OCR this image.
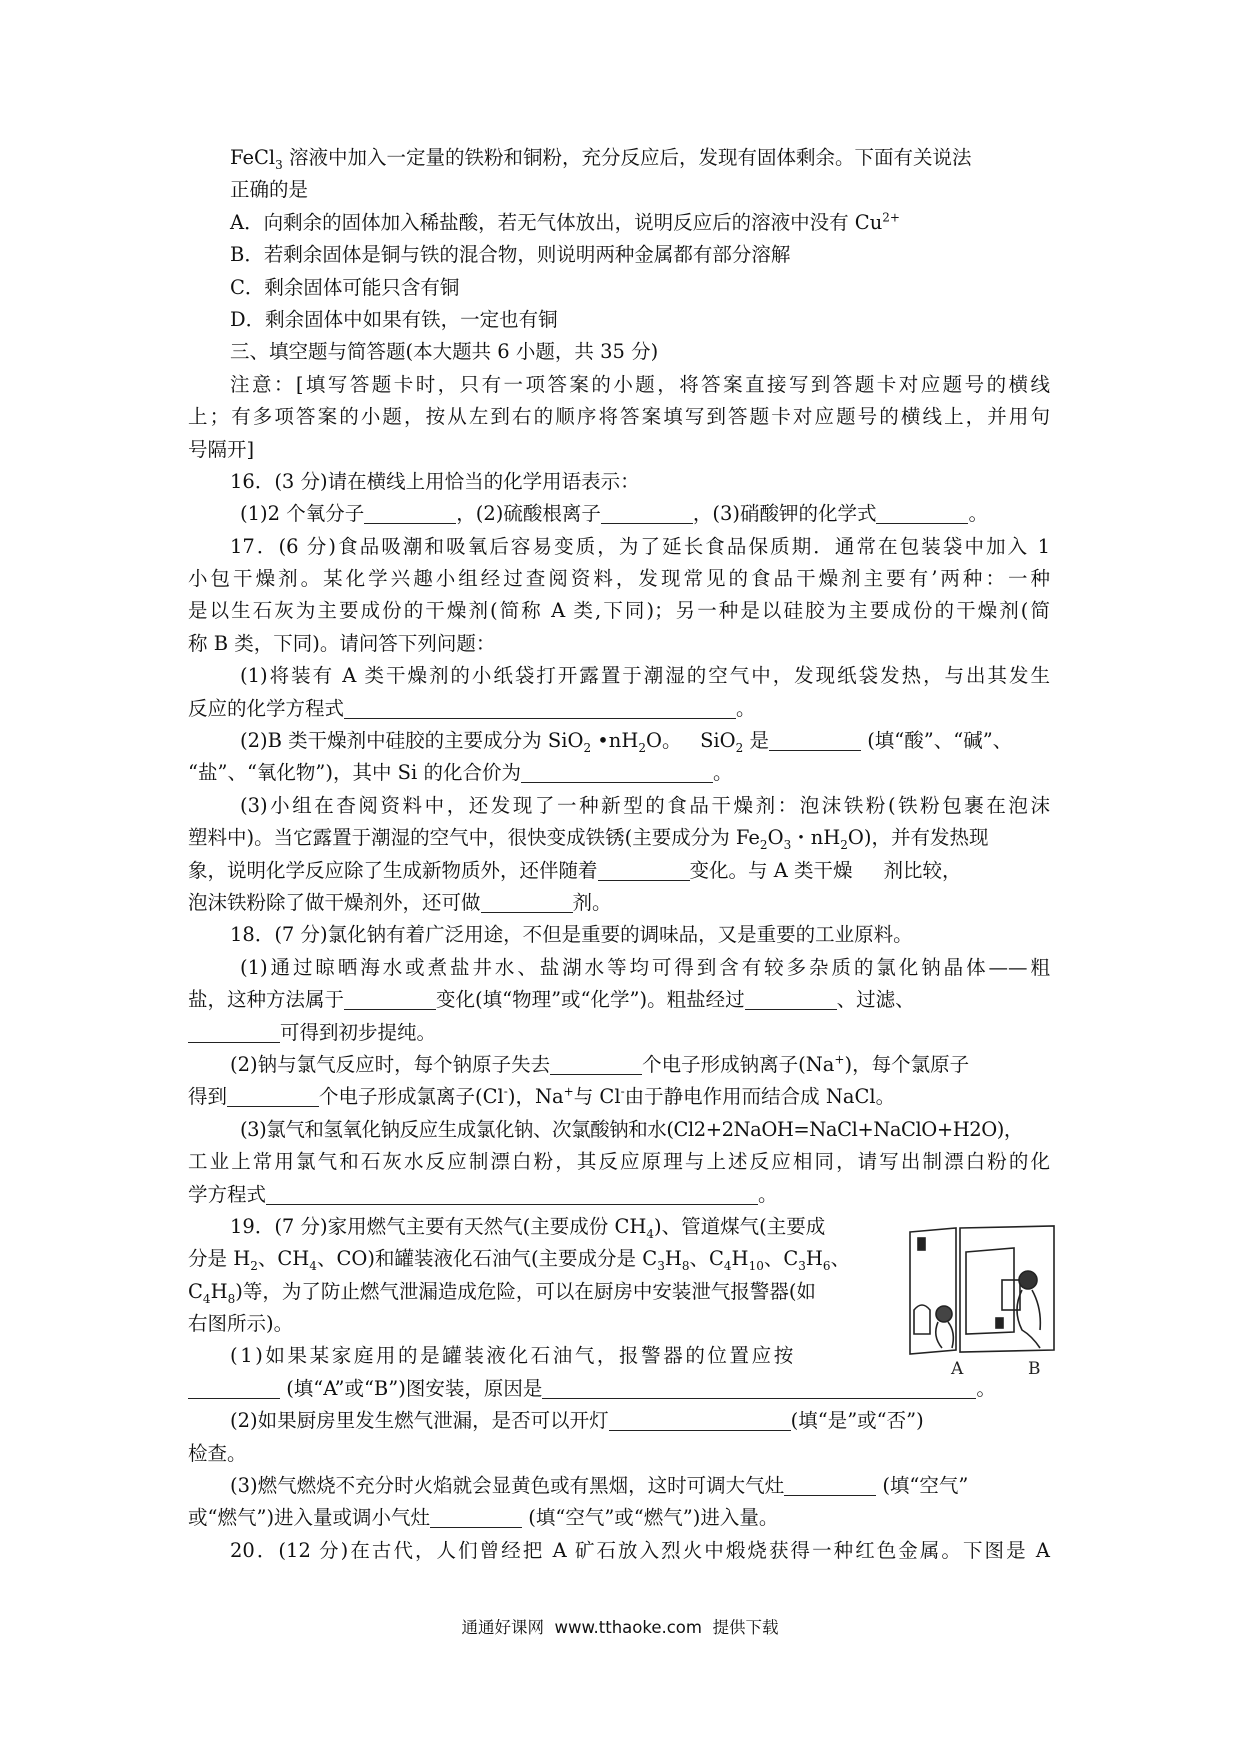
FeCl$_3$ 溶液中加入一定量的铁粉和铜粉，充分反应后，发现有固体剩余。下面有关说法
正确的是
A．向剩余的固体加入稀盐酸，若无气体放出，说明反应后的溶液中没有 $Cu^{2+}$
B．若剩余固体是铜与铁的混合物，则说明两种金属都有部分溶解
C．剩余固体可能只含有铜
D．剩余固体中如果有铁，一定也有铜
三、填空题与简答题(本大题共 6 小题，共 35 分)
注意：[填写答题卡时，只有一项答案的小题，将答案直接写到答题卡对应题号的横线
上；有多项答案的小题，按从左到右的顺序将答案填写到答题卡对应题号的横线上，并用句
号隔开]
16．(3 分)请在横线上用恰当的化学用语表示：
(1)2 个氧分子	，(2)硫酸根离子	，(3)硝酸钾的化学式	。
17．(6 分)食品吸潮和吸氧后容易变质，为了延长食品保质期．通常在包装袋中加入 1
小包干燥剂。某化学兴趣小组经过查阅资料，发现常见的食品干燥剂主要有’两种：一种
是以生石灰为主要成份的干燥剂(简称 A 类,下同)；另一种是以硅胶为主要成份的干燥剂(简
称 B 类，下同)。请问答下列问题：
(1)将装有 A 类干燥剂的小纸袋打开露置于潮湿的空气中，发现纸袋发热，与出其发生
反应的化学方程式	。
(2)B 类干燥剂中硅胶的主要成分为 SiO$_2$ $•nH_2O$。   SiO$_2$ 是	(填“酸”、“碱”、
“盐”、“氧化物”)，其中 Si 的化合价为	。
(3)小组在杳阅资料中，还发现了一种新型的食品干燥剂：泡沫铁粉(铁粉包裹在泡沫
塑料中)。当它露置于潮湿的空气中，很快变成铁锈(主要成分为 $Fe_2O_3$・$nH_2O$)，并有发热现
象，说明化学反应除了生成新物质外，还伴随着	变化。与 A 类干燥     剂比较，
泡沫铁粉除了做干燥剂外，还可做	剂。
18．(7 分)氯化钠有着广泛用途，不但是重要的调味品，又是重要的工业原料。
(1)通过晾晒海水或煮盐井水、盐湖水等均可得到含有较多杂质的氯化钠晶体——粗
盐，这种方法属于	变化(填“物理”或“化学”)。粗盐经过	、过滤、
可得到初步提纯。
(2)钠与氯气反应时，每个钠原子失去	个电子形成钠离子(Na+)，每个氯原子
得到	个电子形成氯离子(Cl-)，Na+与 Cl-由于静电作用而结合成 NaCl。
(3)氯气和氢氧化钠反应生成氯化钠、次氯酸钠和水(Cl2+2NaOH=NaCl+NaClO+H2O)，
工业上常用氯气和石灰水反应制漂白粉，其反应原理与上述反应相同，请写出制漂白粉的化
学方程式	。
19．(7 分)家用燃气主要有天然气(主要成份 $CH_4$)、管道煤气(主要成
分是 $H_2$、$CH_4$、CO)和罐装液化石油气(主要成分是 $C_3H_8$、$C_4H_{10}$、$C_3H_6$、
$C_4H_8$)等，为了防止燃气泄漏造成危险，可以在厨房中安装泄气报警器(如
右图所示)。
(1)如果某家庭用的是罐装液化石油气，报警器的位置应按
(填“A”或“B”)图安装，原因是	。
(2)如果厨房里发生燃气泄漏，是否可以开灯	(填“是”或“否”)
检查。
(3)燃气燃烧不充分时火焰就会显黄色或有黑烟，这时可调大气灶	(填“空气”
或“燃气”)进入量或调小气灶	(填“空气”或“燃气”)进入量。
20．(12 分)在古代，人们曾经把 A 矿石放入烈火中煅烧获得一种红色金属。下图是 A
A	B
通通好课网  www.tthaoke.com  提供下载
